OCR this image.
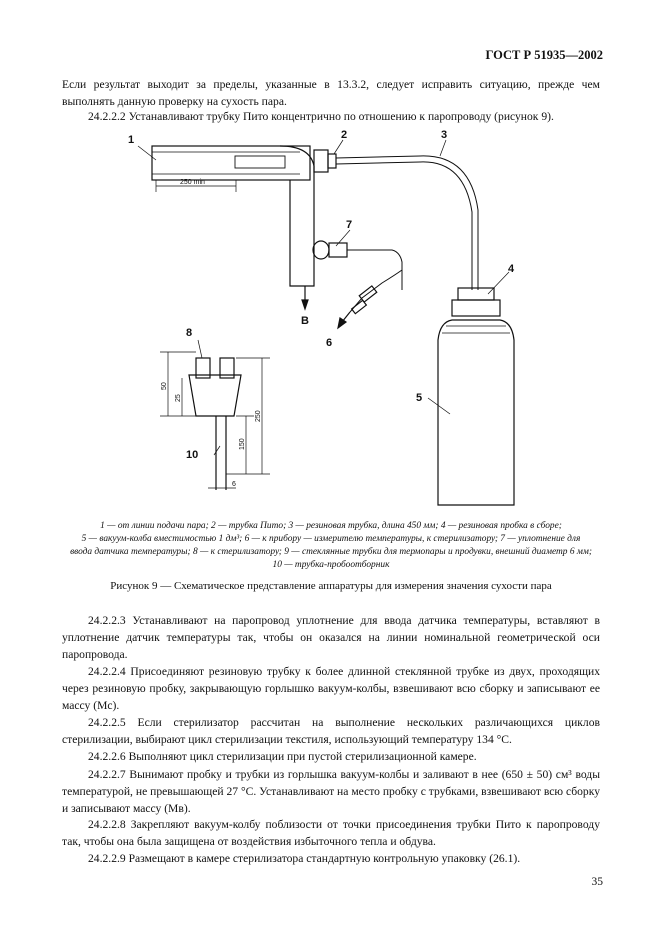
ГОСТ Р 51935—2002

Если результат выходит за пределы, указанные в 13.3.2, следует исправить ситуацию, прежде чем выполнять данную проверку на сухость пара.

24.2.2.2 Устанавливают трубку Пито концентрично по отношению к паропроводу (рисунок 9).

1	2	3
4
5
6
7
8
10
В
250 min
50
25
250
150
6
1 — от линии подачи пара; 2 — трубка Пито; 3 — резиновая трубка, длина 450 мм; 4 — резиновая пробка в сборе;
5 — вакуум-колба вместимостью 1 дм³; 6 — к прибору — измерителю температуры, к стерилизатору; 7 — уплотнение для
ввода датчика температуры; 8 — к стерилизатору; 9 — стеклянные трубки для термопары и продувки, внешний диаметр 6 мм;
10 — трубка-пробоотборник
Рисунок 9 — Схематическое представление аппаратуры для измерения значения сухости пара

24.2.2.3 Устанавливают на паропровод уплотнение для ввода датчика температуры, вставляют в уплотнение датчик температуры так, чтобы он оказался на линии номинальной геометрической оси паропровода.

24.2.2.4 Присоединяют резиновую трубку к более длинной стеклянной трубке из двух, проходящих через резиновую пробку, закрывающую горлышко вакуум-колбы, взвешивают всю сборку и записывают ее массу (Mс).

24.2.2.5 Если стерилизатор рассчитан на выполнение нескольких различающихся циклов стерилизации, выбирают цикл стерилизации текстиля, использующий температуру 134 °С.

24.2.2.6 Выполняют цикл стерилизации при пустой стерилизационной камере.

24.2.2.7 Вынимают пробку и трубки из горлышка вакуум-колбы и заливают в нее (650 ± 50) см³ воды температурой, не превышающей 27 °С. Устанавливают на место пробку с трубками, взвешивают всю сборку и записывают массу (Mв).

24.2.2.8 Закрепляют вакуум-колбу поблизости от точки присоединения трубки Пито к паропроводу так, чтобы она была защищена от воздействия избыточного тепла и обдува.

24.2.2.9 Размещают в камере стерилизатора стандартную контрольную упаковку (26.1).

35
